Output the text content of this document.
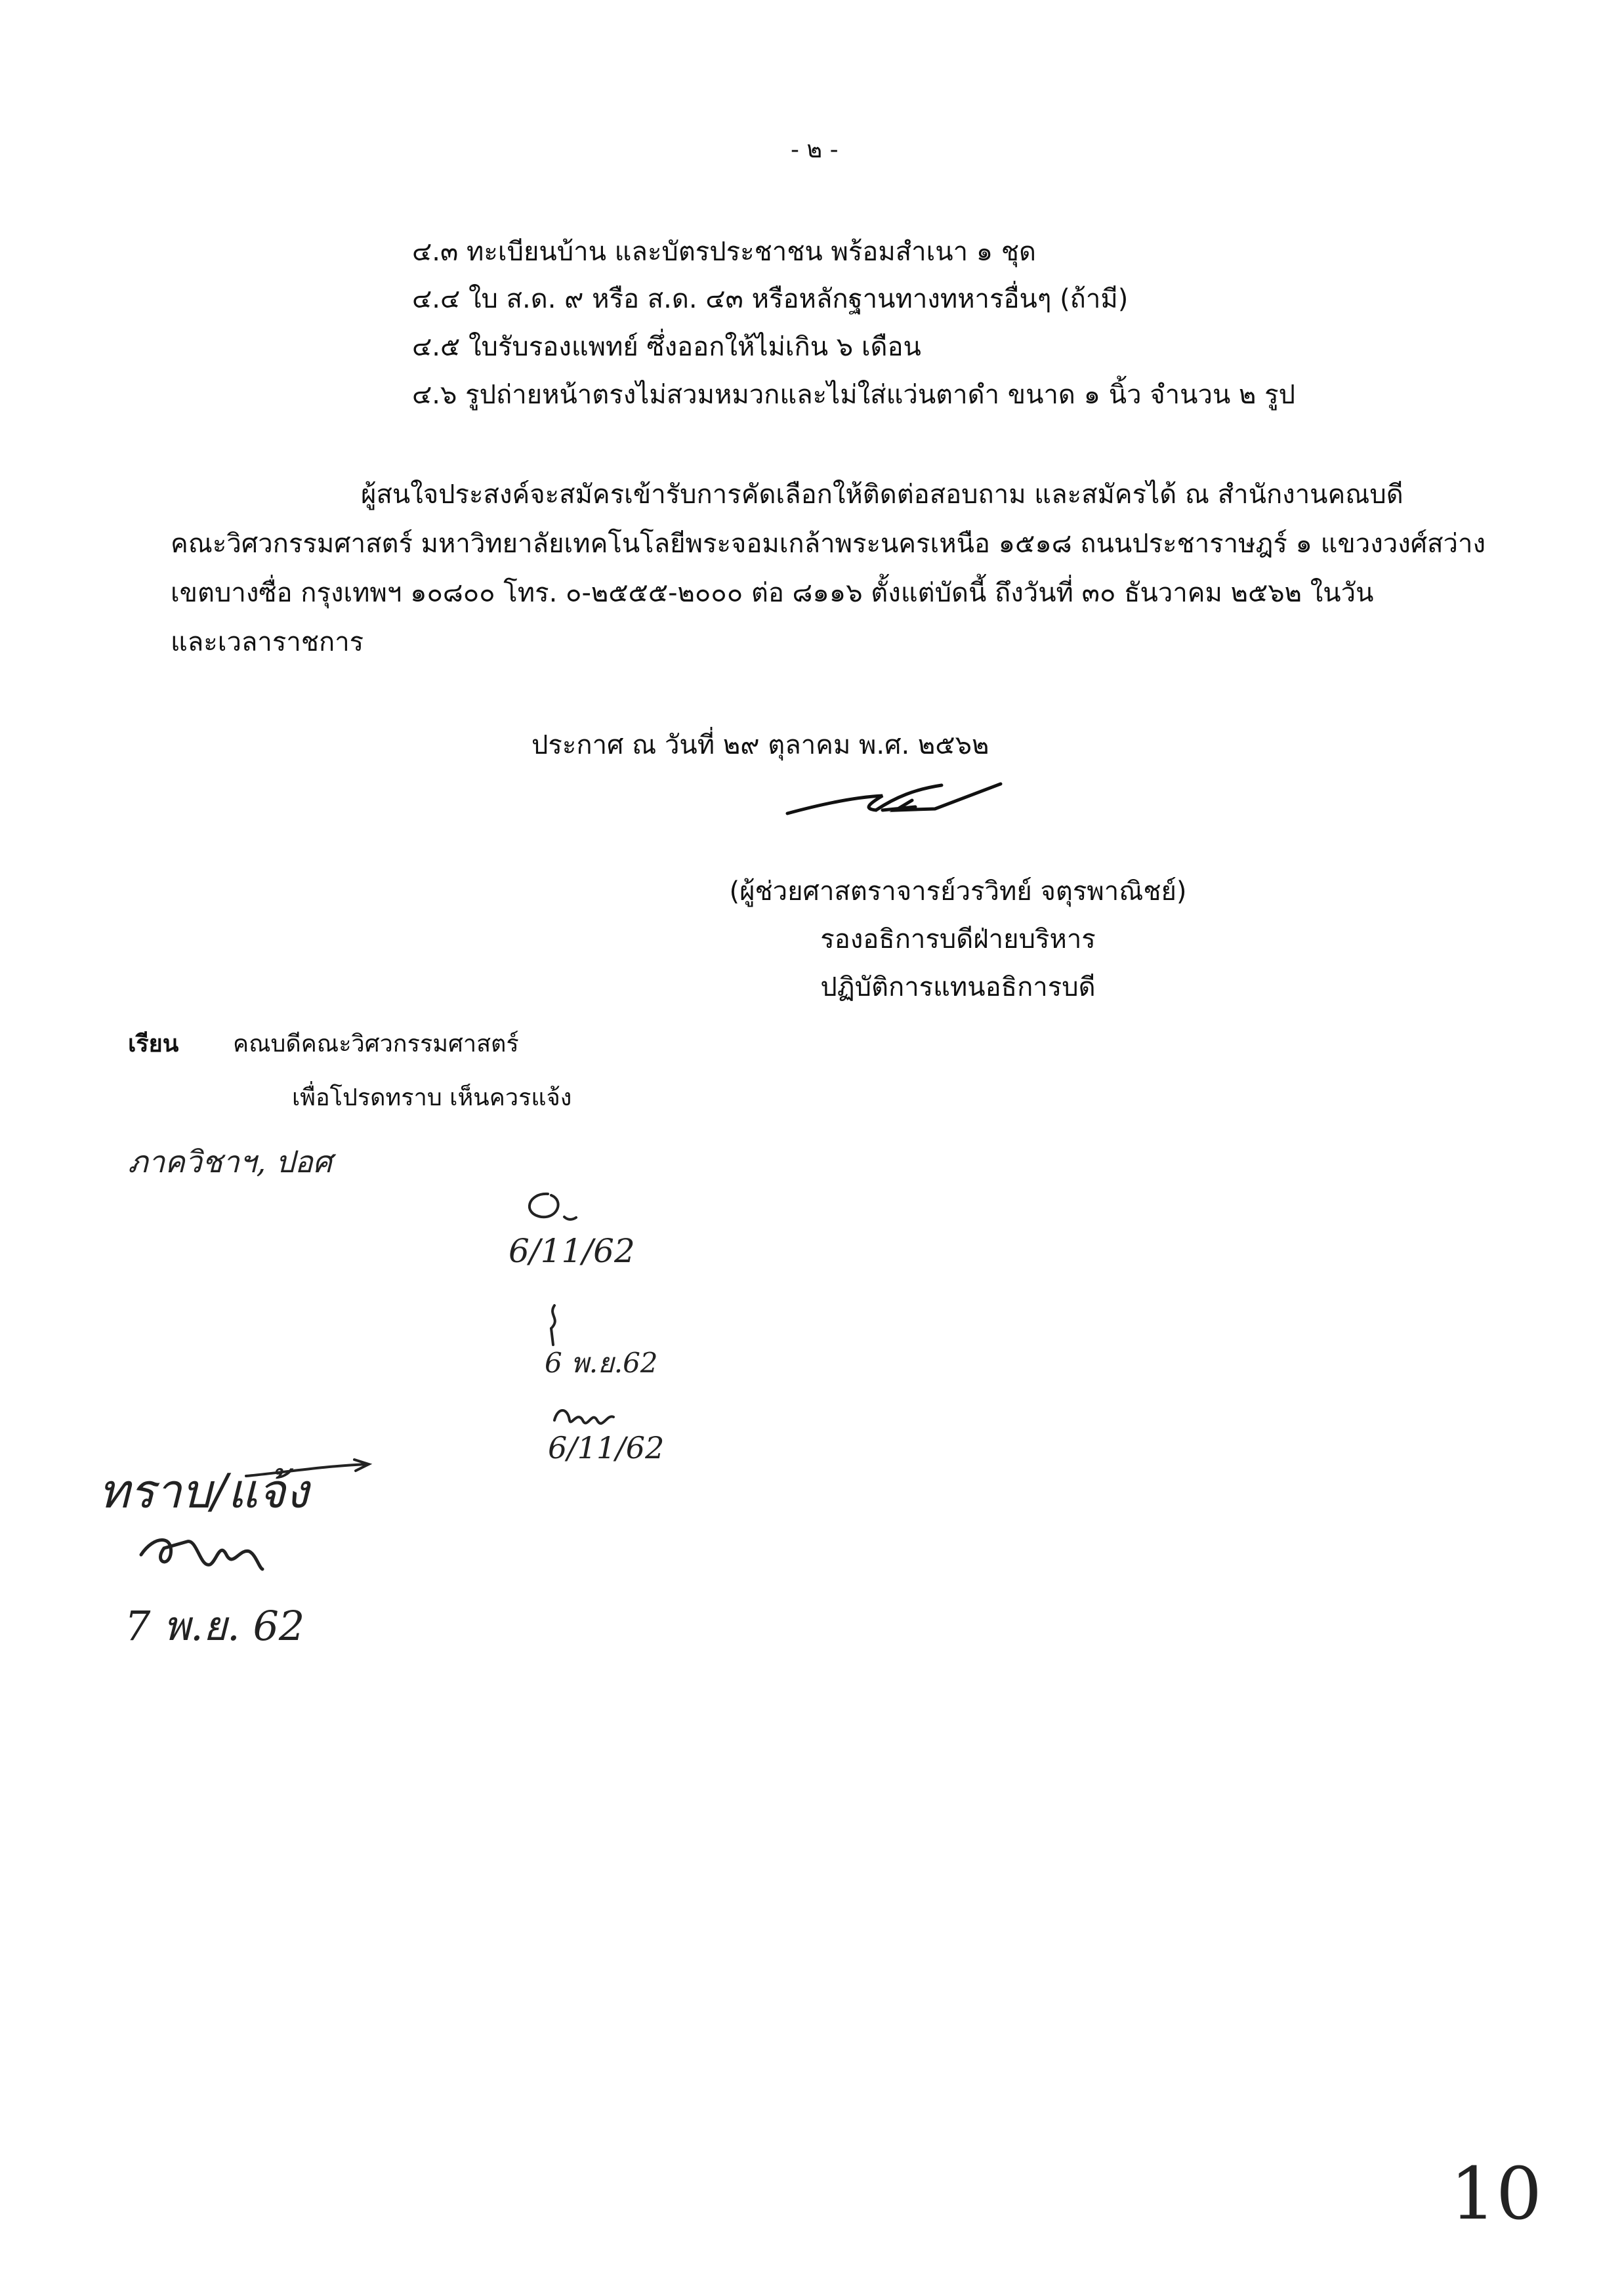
- ๒ -
๔.๓ ทะเบียนบ้าน และบัตรประชาชน พร้อมสำเนา ๑ ชุด
๔.๔ ใบ ส.ด. ๙ หรือ ส.ด. ๔๓ หรือหลักฐานทางทหารอื่นๆ (ถ้ามี)
๔.๕ ใบรับรองแพทย์ ซึ่งออกให้ไม่เกิน ๖ เดือน
๔.๖ รูปถ่ายหน้าตรงไม่สวมหมวกและไม่ใส่แว่นตาดำ ขนาด ๑ นิ้ว จำนวน ๒ รูป
ผู้สนใจประสงค์จะสมัครเข้ารับการคัดเลือกให้ติดต่อสอบถาม และสมัครได้ ณ สำนักงานคณบดี
คณะวิศวกรรมศาสตร์ มหาวิทยาลัยเทคโนโลยีพระจอมเกล้าพระนครเหนือ ๑๕๑๘ ถนนประชาราษฎร์ ๑ แขวงวงศ์สว่าง
เขตบางซื่อ กรุงเทพฯ ๑๐๘๐๐ โทร. ๐-๒๕๕๕-๒๐๐๐ ต่อ ๘๑๑๖ ตั้งแต่บัดนี้ ถึงวันที่ ๓๐ ธันวาคม ๒๕๖๒ ในวัน
และเวลาราชการ
ประกาศ ณ วันที่ ๒๙ ตุลาคม พ.ศ. ๒๕๖๒
(ผู้ช่วยศาสตราจารย์วรวิทย์ จตุรพาณิชย์)
รองอธิการบดีฝ่ายบริหาร
ปฏิบัติการแทนอธิการบดี
เรียน คณบดีคณะวิศวกรรมศาสตร์
เพื่อโปรดทราบ เห็นควรแจ้ง
ภาควิชาฯ, ปอศ
6/11/62
6 พ.ย.62
6/11/62
ทราบ/แจ้ง
7 พ.ย. 62
10
